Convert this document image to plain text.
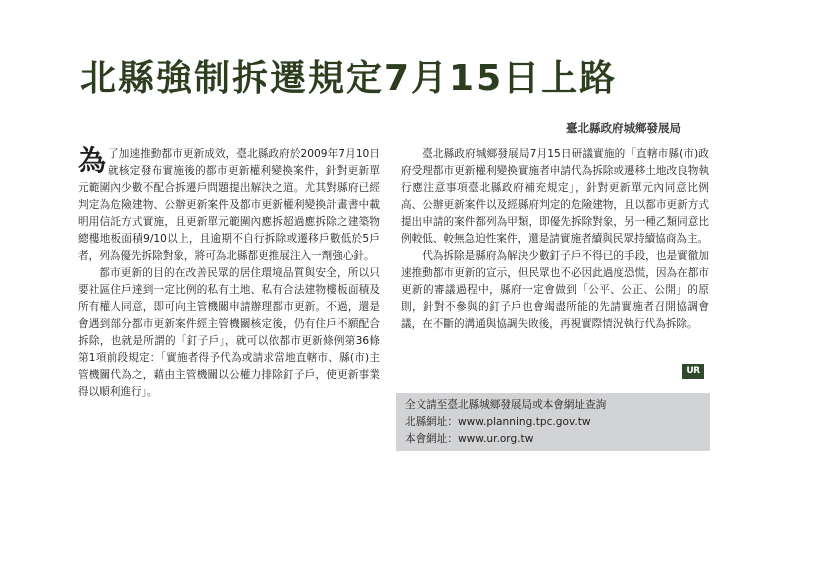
北縣強制拆遷規定7月15日上路
臺北縣政府城鄉發展局

為了加速推動都市更新成效，臺北縣政府於2009年7月10日就核定發布實施後的都市更新權利變換案件，針對更新單元範圍內少數不配合拆遷戶問題提出解決之道。尤其對縣府已經判定為危險建物、公辦更新案件及都市更新權利變換計畫書中載明用信託方式實施，且更新單元範圍內應拆超過應拆除之建築物總樓地板面積9/10以上，且逾期不自行拆除或遷移戶數低於5戶者，列為優先拆除對象，將可為北縣都更推展注入一劑強心針。

都市更新的目的在改善民眾的居住環境品質與安全，所以只要社區住戶達到一定比例的私有土地、私有合法建物樓板面積及所有權人同意，即可向主管機關申請辦理都市更新。不過，還是會遇到部分都市更新案件經主管機關核定後，仍有住戶不願配合拆除，也就是所謂的「釘子戶」，就可以依都市更新條例第36條第1項前段規定：「實施者得予代為或請求當地直轄市、縣(市)主管機關代為之，藉由主管機關以公權力排除釘子戶，使更新事業得以順利進行」。

臺北縣政府城鄉發展局7月15日研議實施的「直轄市縣(市)政府受理都市更新權利變換實施者申請代為拆除或遷移土地改良物執行應注意事項臺北縣政府補充規定」，針對更新單元內同意比例高、公辦更新案件以及經縣府判定的危險建物，且以都市更新方式提出申請的案件都列為甲類，即優先拆除對象，另一種乙類同意比例較低、較無急迫性案件，還是請實施者續與民眾持續協商為主。

代為拆除是縣府為解決少數釘子戶不得已的手段，也是實徹加速推動都市更新的宣示，但民眾也不必因此過度恐慌，因為在都市更新的審議過程中，縣府一定會做到「公平、公正、公開」的原則，針對不參與的釘子戶也會竭盡所能的先請實施者召開協調會議，在不斷的溝通與協調失敗後，再視實際情況執行代為拆除。

UR
全文請至臺北縣城鄉發展局或本會網址查詢
北縣網址：www.planning.tpc.gov.tw
本會網址：www.ur.org.tw
